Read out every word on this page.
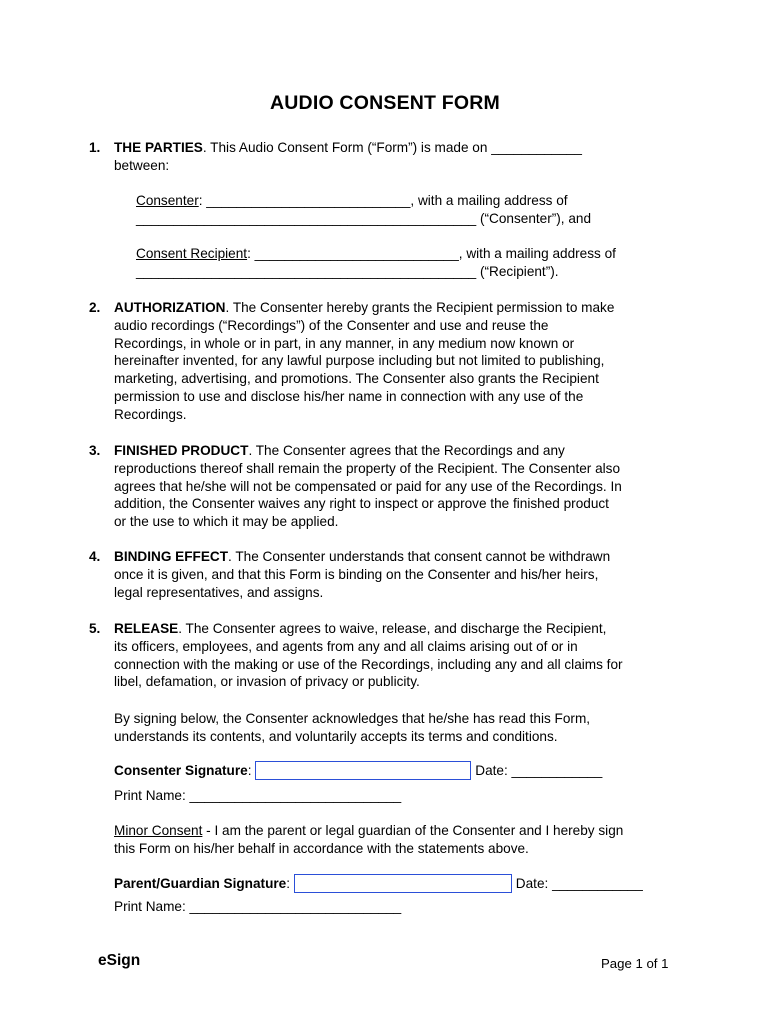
AUDIO CONSENT FORM
1. THE PARTIES. This Audio Consent Form (“Form”) is made on ____________
between:
Consenter: ___________________________, with a mailing address of
_____________________________________________ (“Consenter”), and
Consent Recipient: ___________________________, with a mailing address of
_____________________________________________ (“Recipient”).
2. AUTHORIZATION. The Consenter hereby grants the Recipient permission to make
audio recordings (“Recordings”) of the Consenter and use and reuse the
Recordings, in whole or in part, in any manner, in any medium now known or
hereinafter invented, for any lawful purpose including but not limited to publishing,
marketing, advertising, and promotions. The Consenter also grants the Recipient
permission to use and disclose his/her name in connection with any use of the
Recordings.
3. FINISHED PRODUCT. The Consenter agrees that the Recordings and any
reproductions thereof shall remain the property of the Recipient. The Consenter also
agrees that he/she will not be compensated or paid for any use of the Recordings. In
addition, the Consenter waives any right to inspect or approve the finished product
or the use to which it may be applied.
4. BINDING EFFECT. The Consenter understands that consent cannot be withdrawn
once it is given, and that this Form is binding on the Consenter and his/her heirs,
legal representatives, and assigns.
5. RELEASE. The Consenter agrees to waive, release, and discharge the Recipient,
its officers, employees, and agents from any and all claims arising out of or in
connection with the making or use of the Recordings, including any and all claims for
libel, defamation, or invasion of privacy or publicity.
By signing below, the Consenter acknowledges that he/she has read this Form,
understands its contents, and voluntarily accepts its terms and conditions.
Consenter Signature:	Date: ____________
Print Name: ____________________________
Minor Consent - I am the parent or legal guardian of the Consenter and I hereby sign
this Form on his/her behalf in accordance with the statements above.
Parent/Guardian Signature:	Date: ____________
Print Name: ____________________________
eSign	Page 1 of 1
